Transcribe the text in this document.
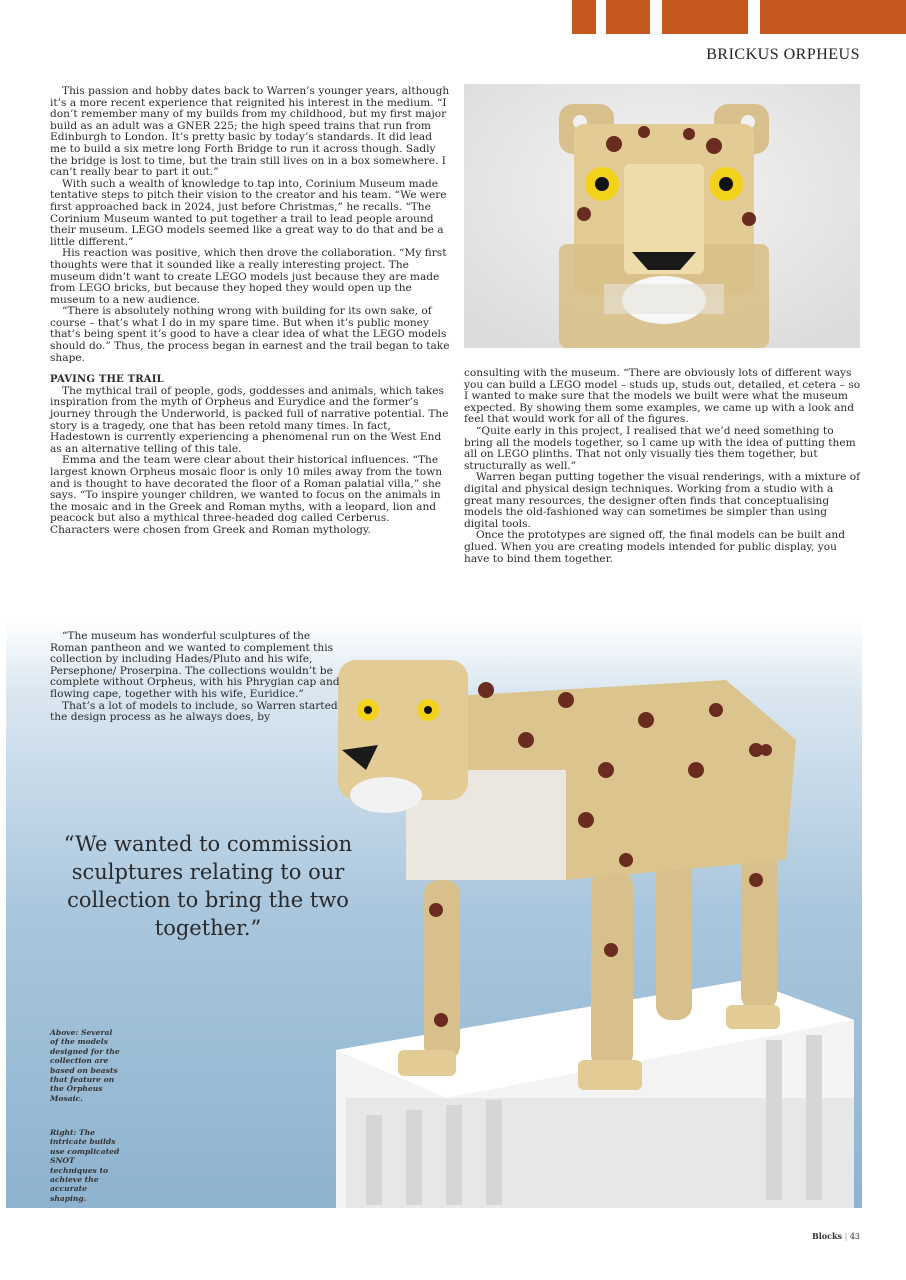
BRICKUS ORPHEUS

This passion and hobby dates back to Warren’s younger years, although it’s a more recent experience that reignited his interest in the medium. “I don’t remember many of my builds from my childhood, but my first major build as an adult was a GNER 225; the high speed trains that run from Edinburgh to London. It’s pretty basic by today’s standards. It did lead me to build a six metre long Forth Bridge to run it across though. Sadly the bridge is lost to time, but the train still lives on in a box somewhere. I can’t really bear to part it out.”

With such a wealth of knowledge to tap into, Corinium Museum made tentative steps to pitch their vision to the creator and his team. “We were first approached back in 2024, just before Christmas,” he recalls. “The Corinium Museum wanted to put together a trail to lead people around their museum. LEGO models seemed like a great way to do that and be a little different.”

His reaction was positive, which then drove the collaboration. “My first thoughts were that it sounded like a really interesting project. The museum didn’t want to create LEGO models just because they are made from LEGO bricks, but because they hoped they would open up the museum to a new audience.

“There is absolutely nothing wrong with building for its own sake, of course – that’s what I do in my spare time. But when it’s public money that’s being spent it’s good to have a clear idea of what the LEGO models should do.” Thus, the process began in earnest and the trail began to take shape.

PAVING THE TRAIL

The mythical trail of people, gods, goddesses and animals, which takes inspiration from the myth of Orpheus and Eurydice and the former’s journey through the Underworld, is packed full of narrative potential. The story is a tragedy, one that has been retold many times. In fact, Hadestown is currently experiencing a phenomenal run on the West End as an alternative telling of this tale.

Emma and the team were clear about their historical influences. “The largest known Orpheus mosaic floor is only 10 miles away from the town and is thought to have decorated the floor of a Roman palatial villa,” she says. “To inspire younger children, we wanted to focus on the animals in the mosaic and in the Greek and Roman myths, with a leopard, lion and peacock but also a mythical three-headed dog called Cerberus. Characters were chosen from Greek and Roman mythology.

“The museum has wonderful sculptures of the Roman pantheon and we wanted to complement this collection by including Hades/Pluto and his wife, Persephone/ Proserpina. The collections wouldn’t be complete without Orpheus, with his Phrygian cap and flowing cape, together with his wife, Euridice.”

That’s a lot of models to include, so Warren started the design process as he always does, by

consulting with the museum. “There are obviously lots of different ways you can build a LEGO model – studs up, studs out, detailed, et cetera – so I wanted to make sure that the models we built were what the museum expected. By showing them some examples, we came up with a look and feel that would work for all of the figures.

“Quite early in this project, I realised that we’d need something to bring all the models together, so I came up with the idea of putting them all on LEGO plinths. That not only visually ties them together, but structurally as well.”

Warren began putting together the visual renderings, with a mixture of digital and physical design techniques. Working from a studio with a great many resources, the designer often finds that conceptualising models the old-fashioned way can sometimes be simpler than using digital tools.

Once the prototypes are signed off, the final models can be built and glued. When you are creating models intended for public display, you have to bind them together.

“We wanted to commission sculptures relating to our collection to bring the two together.”
Above: Several of the models designed for the collection are based on beasts that feature on the Orpheus Mosaic.
Right: The intricate builds use complicated SNOT techniques to achieve the accurate shaping.
Blocks | 43
